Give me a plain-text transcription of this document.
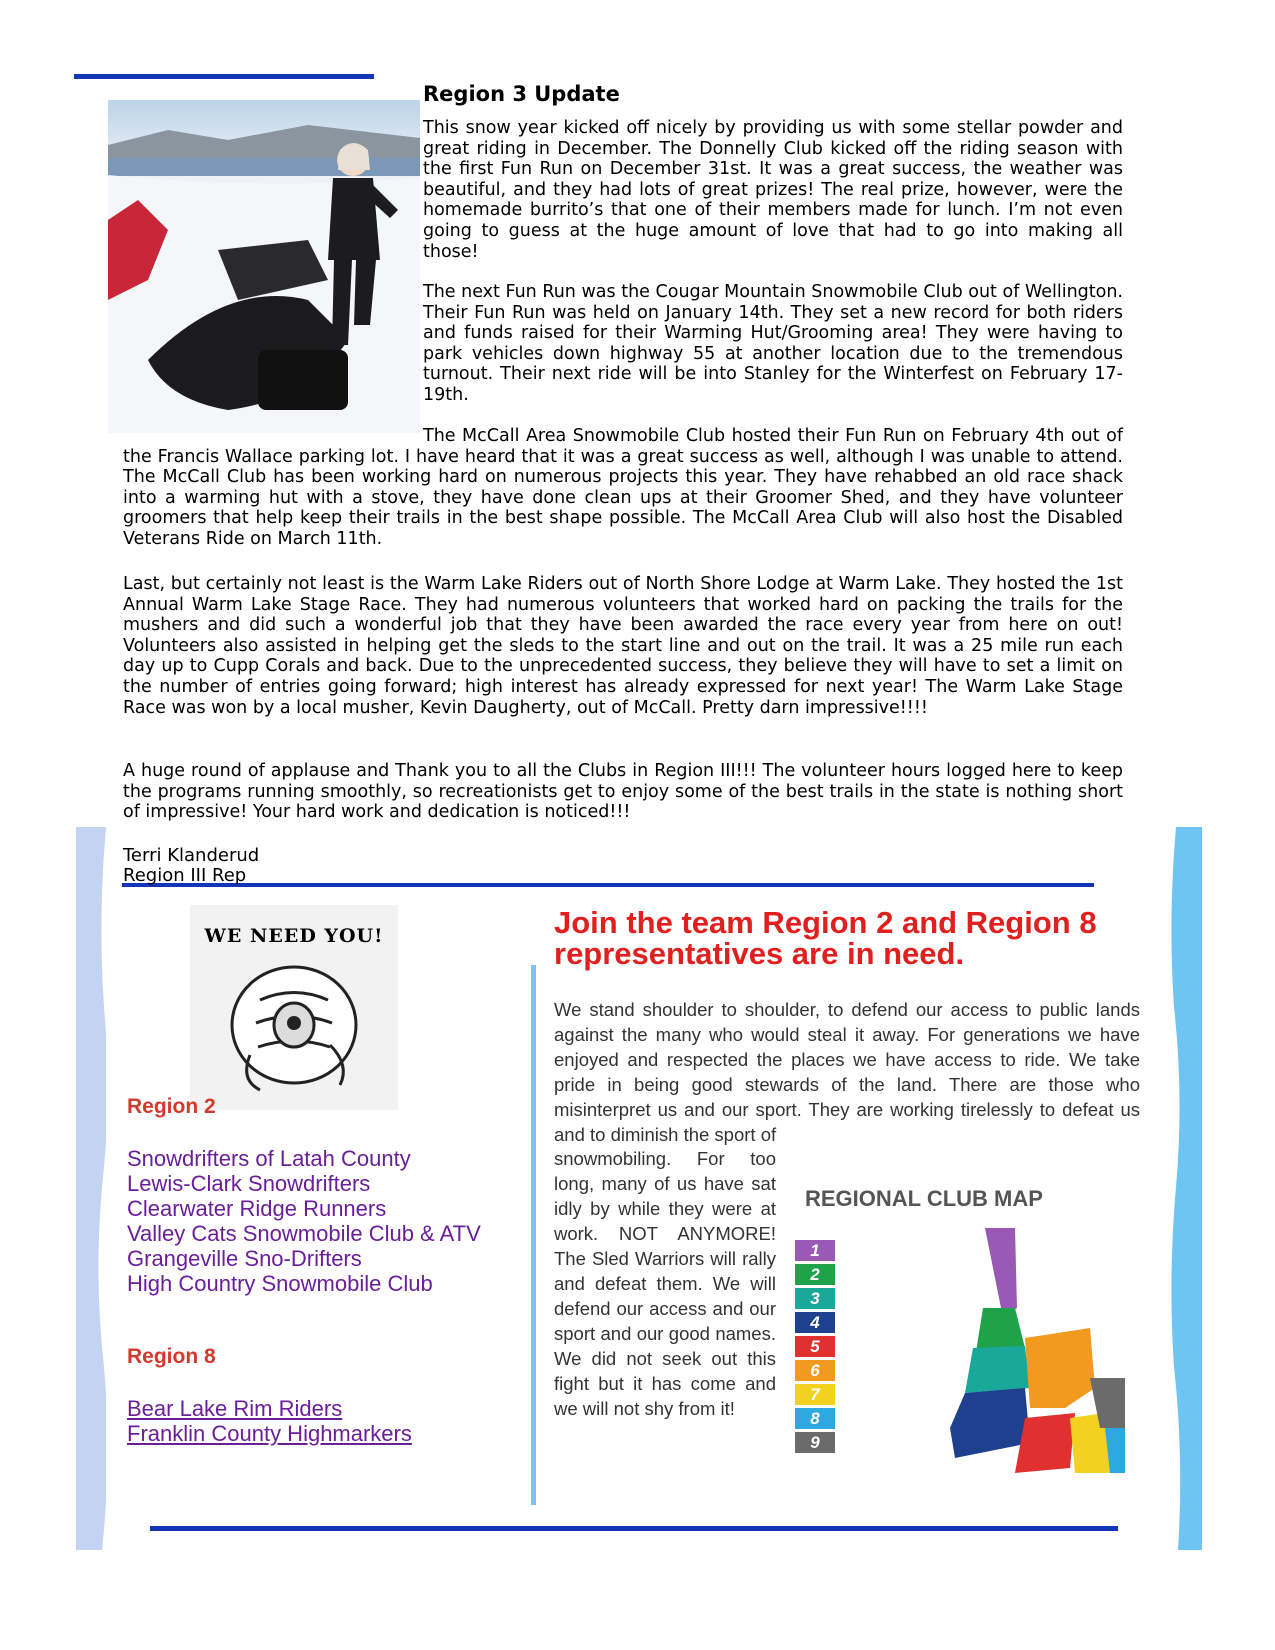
Region 3 Update
This snow year kicked off nicely by providing us with some stellar powder and great riding in December. The Donnelly Club kicked off the riding season with the first Fun Run on December 31st. It was a great success, the weather was beautiful, and they had lots of great prizes! The real prize, however, were the homemade burrito’s that one of their members made for lunch. I’m not even going to guess at the huge amount of love that had to go into making all those!
The next Fun Run was the Cougar Mountain Snowmobile Club out of Wellington. Their Fun Run was held on January 14th. They set a new record for both riders and funds raised for their Warming Hut/Grooming area! They were having to park vehicles down highway 55 at another location due to the tremendous turnout. Their next ride will be into Stanley for the Winterfest on February 17-19th.
The McCall Area Snowmobile Club hosted their Fun Run on February 4th out of the Francis Wallace parking lot. I have heard that it was a great success as well, although I was unable to attend. The McCall Club has been working hard on numerous projects this year. They have rehabbed an old race shack into a warming hut with a stove, they have done clean ups at their Groomer Shed, and they have volunteer groomers that help keep their trails in the best shape possible. The McCall Area Club will also host the Disabled Veterans Ride on March 11th.
Last, but certainly not least is the Warm Lake Riders out of North Shore Lodge at Warm Lake. They hosted the 1st Annual Warm Lake Stage Race. They had numerous volunteers that worked hard on packing the trails for the mushers and did such a wonderful job that they have been awarded the race every year from here on out! Volunteers also assisted in helping get the sleds to the start line and out on the trail. It was a 25 mile run each day up to Cupp Corals and back. Due to the unprecedented success, they believe they will have to set a limit on the number of entries going forward; high interest has already expressed for next year! The Warm Lake Stage Race was won by a local musher, Kevin Daugherty, out of McCall. Pretty darn impressive!!!!
A huge round of applause and Thank you to all the Clubs in Region III!!! The volunteer hours logged here to keep the programs running smoothly, so recreationists get to enjoy some of the best trails in the state is nothing short of impressive! Your hard work and dedication is noticed!!!
Terri Klanderud
Region III Rep
WE NEED YOU!
Region 2
Snowdrifters of Latah County
Lewis-Clark Snowdrifters
Clearwater Ridge Runners
Valley Cats Snowmobile Club & ATV
Grangeville Sno-Drifters
High Country Snowmobile Club
Region 8
Bear Lake Rim Riders
Franklin County Highmarkers
Join the team Region 2 and Region 8
representatives are in need.
We stand shoulder to shoulder, to defend our access to public lands against the many who would steal it away. For generations we have enjoyed and respected the places we have access to ride. We take pride in being good stewards of the land. There are those who misinterpret us and our sport. They are working tirelessly to defeat us and to diminish the sport of
snowmobiling. For too long, many of us have sat idly by while they were at work. NOT ANYMORE! The Sled Warriors will rally and defeat them. We will defend our access and our sport and our good names. We did not seek out this fight but it has come and we will not shy from it!
REGIONAL CLUB MAP
1
2
3
4
5
6
7
8
9
